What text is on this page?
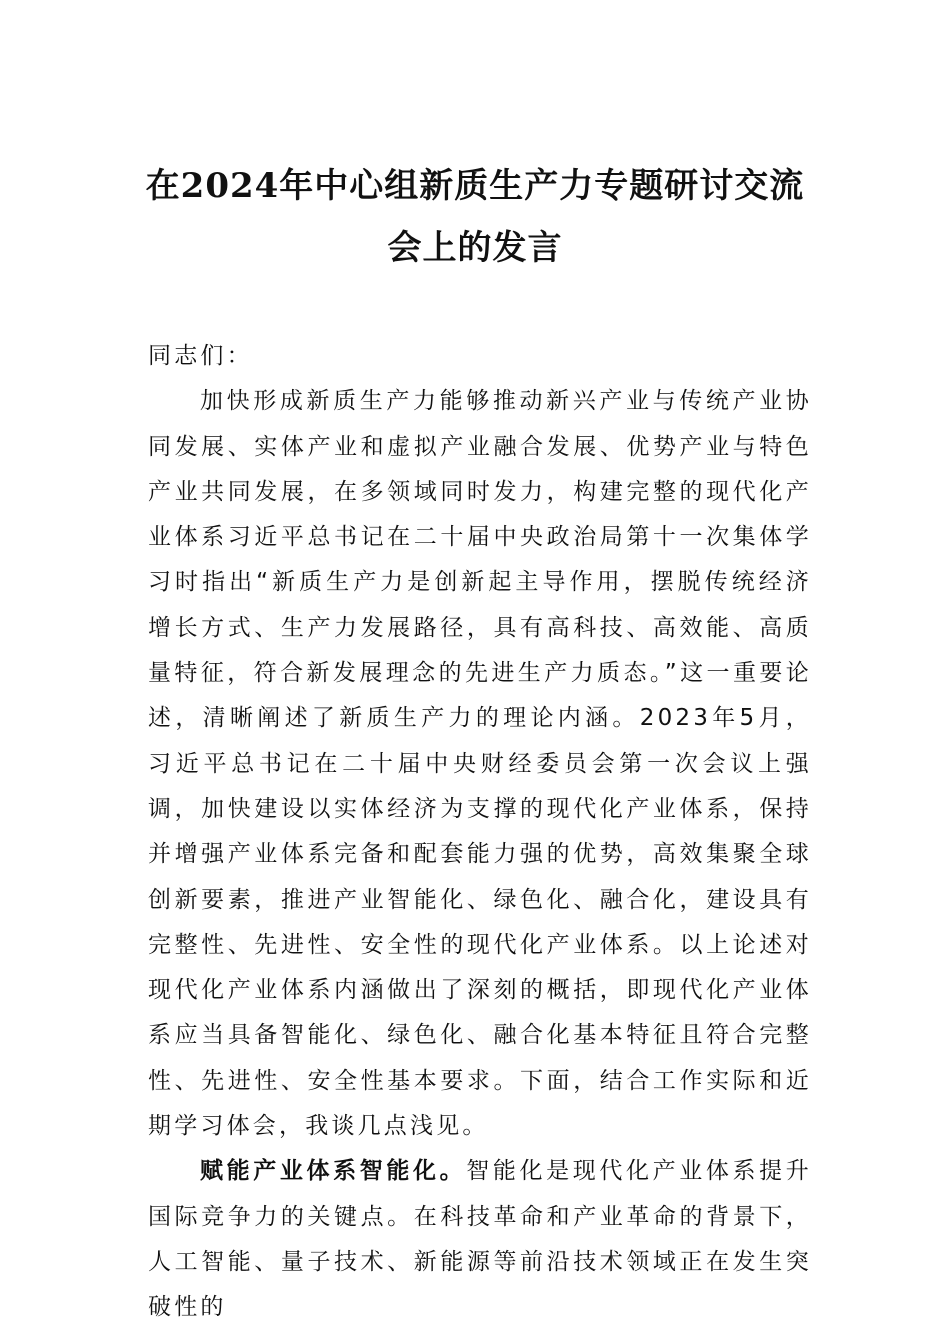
在2024年中心组新质生产力专题研讨交流
会上的发言

同志们：

加快形成新质生产力能够推动新兴产业与传统产业协同发展、实体产业和虚拟产业融合发展、优势产业与特色产业共同发展，在多领域同时发力，构建完整的现代化产业体系习近平总书记在二十届中央政治局第十一次集体学习时指出“新质生产力是创新起主导作用，摆脱传统经济增长方式、生产力发展路径，具有高科技、高效能、高质量特征，符合新发展理念的先进生产力质态。”这一重要论述，清晰阐述了新质生产力的理论内涵。2023年5月，习近平总书记在二十届中央财经委员会第一次会议上强调，加快建设以实体经济为支撑的现代化产业体系，保持并增强产业体系完备和配套能力强的优势，高效集聚全球创新要素，推进产业智能化、绿色化、融合化，建设具有完整性、先进性、安全性的现代化产业体系。以上论述对现代化产业体系内涵做出了深刻的概括，即现代化产业体系应当具备智能化、绿色化、融合化基本特征且符合完整性、先进性、安全性基本要求。下面，结合工作实际和近期学习体会，我谈几点浅见。

赋能产业体系智能化。智能化是现代化产业体系提升国际竞争力的关键点。在科技革命和产业革命的背景下，人工智能、量子技术、新能源等前沿技术领域正在发生突破性的
